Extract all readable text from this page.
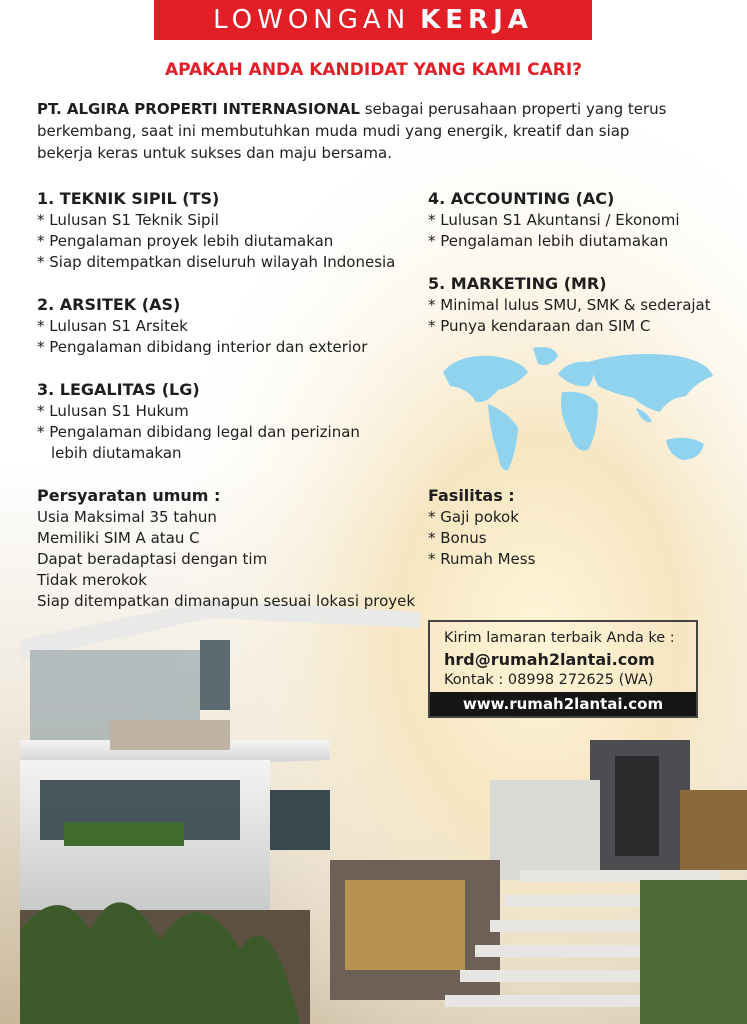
LOWONGAN KERJA
APAKAH ANDA KANDIDAT YANG KAMI CARI?
PT. ALGIRA PROPERTI INTERNASIONAL sebagai perusahaan properti yang terus berkembang, saat ini membutuhkan muda mudi yang energik, kreatif dan siap bekerja keras untuk sukses dan maju bersama.
1. TEKNIK SIPIL (TS)
* Lulusan S1 Teknik Sipil
* Pengalaman proyek lebih diutamakan
* Siap ditempatkan diseluruh wilayah Indonesia
2. ARSITEK (AS)
* Lulusan S1 Arsitek
* Pengalaman dibidang interior dan exterior
3. LEGALITAS (LG)
* Lulusan S1 Hukum
* Pengalaman dibidang legal dan perizinan
lebih diutamakan
4. ACCOUNTING (AC)
* Lulusan S1 Akuntansi / Ekonomi
* Pengalaman lebih diutamakan
5. MARKETING (MR)
* Minimal lulus SMU, SMK & sederajat
* Punya kendaraan dan SIM C
Persyaratan umum :
Usia Maksimal 35 tahun
Memiliki SIM A atau C
Dapat beradaptasi dengan tim
Tidak merokok
Siap ditempatkan dimanapun sesuai lokasi proyek
Fasilitas :
* Gaji pokok
* Bonus
* Rumah Mess
Kirim lamaran terbaik Anda ke :
hrd@rumah2lantai.com
Kontak : 08998 272625 (WA)
www.rumah2lantai.com
